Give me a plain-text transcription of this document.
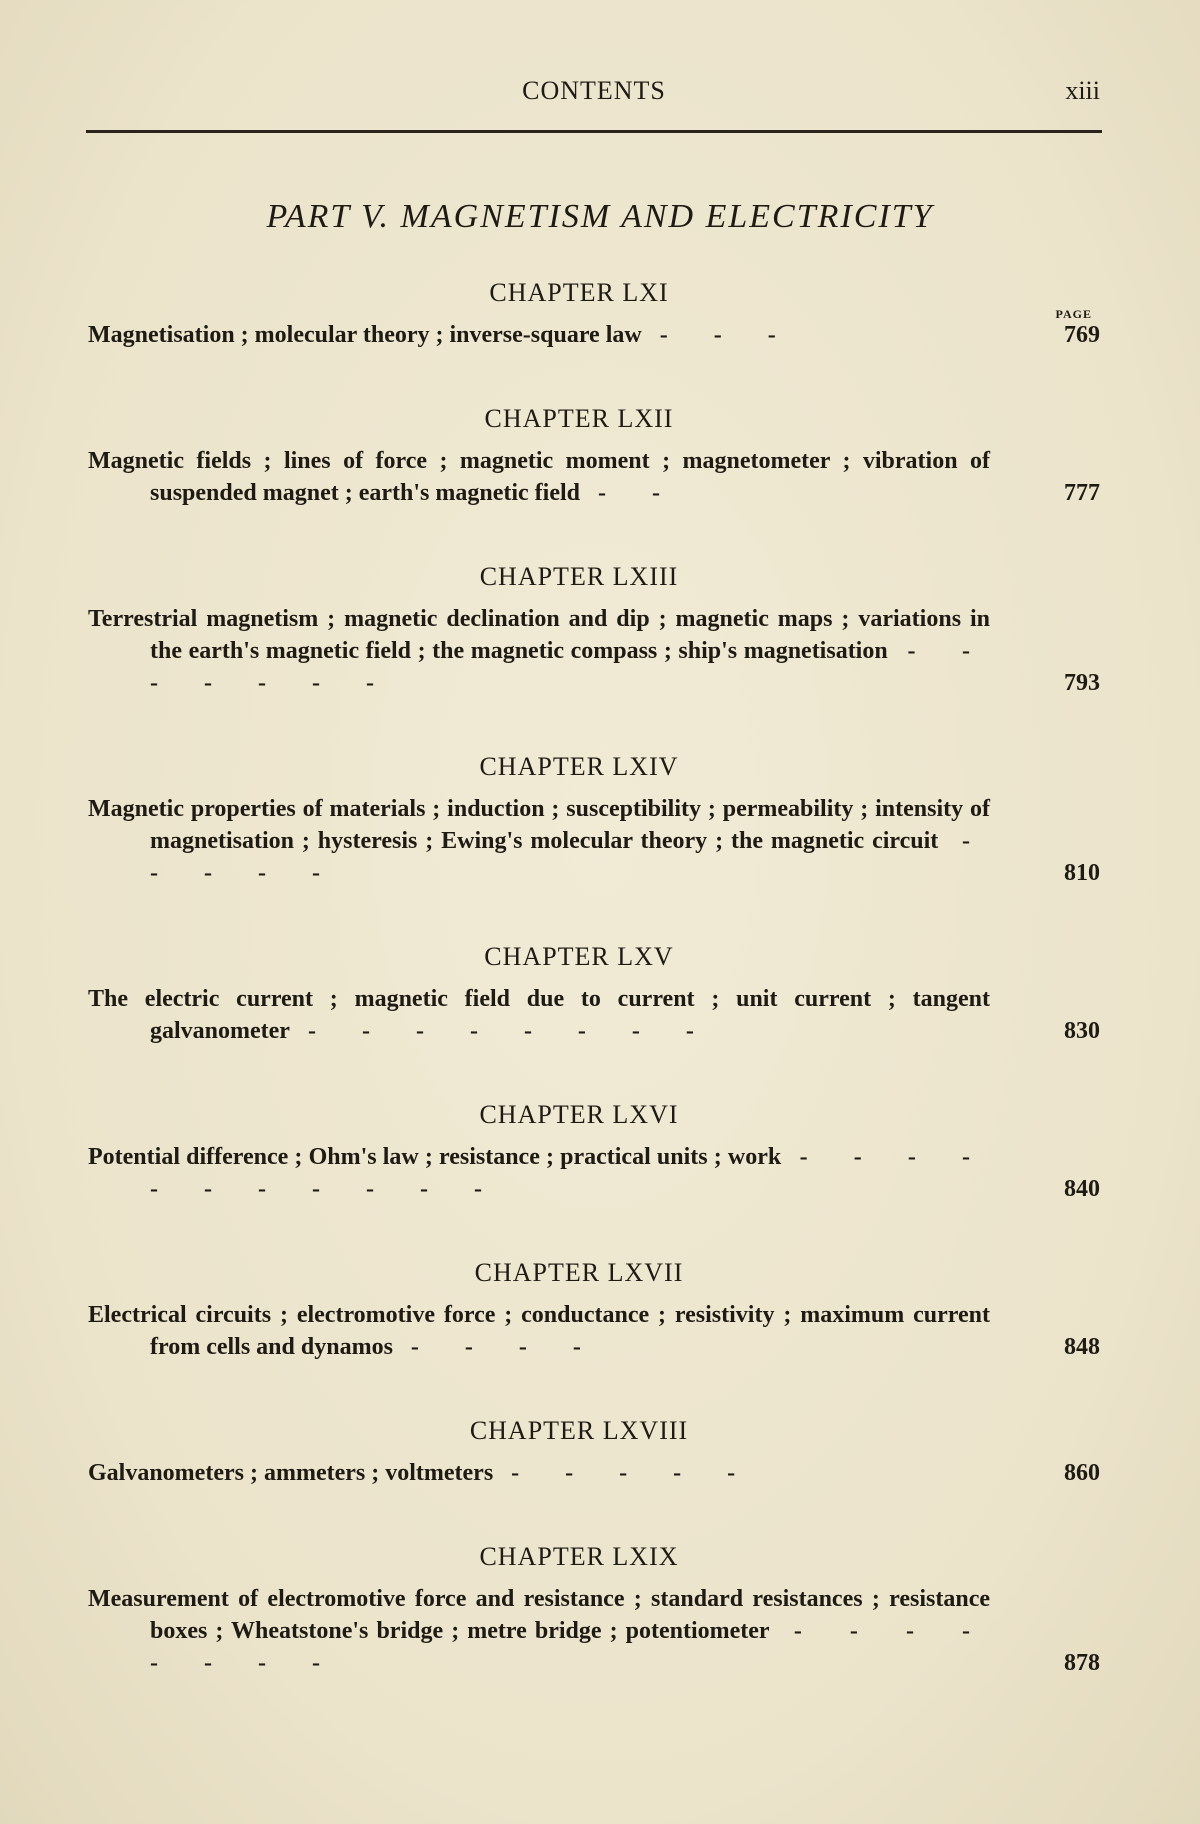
CONTENTS	xiii
PART V. MAGNETISM AND ELECTRICITY
CHAPTER LXI
PAGE
Magnetisation ; molecular theory ; inverse-square law - - -	769
CHAPTER LXII
Magnetic fields ; lines of force ; magnetic moment ; magnetometer ; vibration of suspended magnet ; earth's magnetic field - -	777
CHAPTER LXIII
Terrestrial magnetism ; magnetic declination and dip ; magnetic maps ; variations in the earth's magnetic field ; the magnetic compass ; ship's magnetisation - - - - - - -	793
CHAPTER LXIV
Magnetic properties of materials ; induction ; susceptibility ; permeability ; intensity of magnetisation ; hysteresis ; Ewing's molecular theory ; the magnetic circuit - - - - -	810
CHAPTER LXV
The electric current ; magnetic field due to current ; unit current ; tangent galvanometer - - - - - - - -	830
CHAPTER LXVI
Potential difference ; Ohm's law ; resistance ; practical units ; work - - - - - - - - - - -	840
CHAPTER LXVII
Electrical circuits ; electromotive force ; conductance ; resistivity ; maximum current from cells and dynamos - - - -	848
CHAPTER LXVIII
Galvanometers ; ammeters ; voltmeters - - - - -	860
CHAPTER LXIX
Measurement of electromotive force and resistance ; standard resistances ; resistance boxes ; Wheatstone's bridge ; metre bridge ; potentiometer - - - - - - - -	878
